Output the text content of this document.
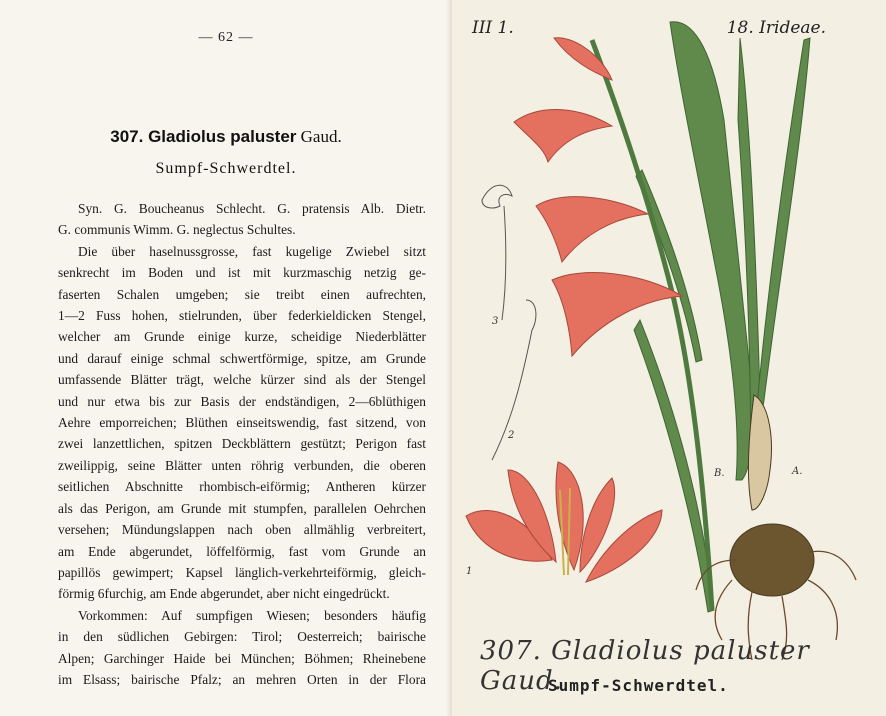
— 62 —
307. Gladiolus paluster Gaud.
Sumpf-Schwerdtel.
Syn. G. Boucheanus Schlecht. G. pratensis Alb. Dietr.
G. communis Wimm. G. neglectus Schultes.
Die über haselnussgrosse, fast kugelige Zwiebel sitzt
senkrecht im Boden und ist mit kurzmaschig netzig ge-
faserten Schalen umgeben; sie treibt einen aufrechten,
1—2 Fuss hohen, stielrunden, über federkieldicken Stengel,
welcher am Grunde einige kurze, scheidige Niederblätter
und darauf einige schmal schwertförmige, spitze, am Grunde
umfassende Blätter trägt, welche kürzer sind als der Stengel
und nur etwa bis zur Basis der endständigen, 2—6blüthigen
Aehre emporreichen; Blüthen einseitswendig, fast sitzend, von
zwei lanzettlichen, spitzen Deckblättern gestützt; Perigon fast
zweilippig, seine Blätter unten röhrig verbunden, die oberen
seitlichen Abschnitte rhombisch-eiförmig; Antheren kürzer
als das Perigon, am Grunde mit stumpfen, parallelen Oehrchen
versehen; Mündungslappen nach oben allmählig verbreitert,
am Ende abgerundet, löffelförmig, fast vom Grunde an
papillös gewimpert; Kapsel länglich-verkehrteiförmig, gleich-
förmig 6furchig, am Ende abgerundet, aber nicht eingedrückt.
Vorkommen: Auf sumpfigen Wiesen; besonders häufig
in den südlichen Gebirgen: Tirol; Oesterreich; bairische
Alpen; Garchinger Haide bei München; Böhmen; Rheinebene
im Elsass; bairische Pfalz; an mehren Orten in der Flora
III 1.	18. Irideae.
1
2
3
A.
B.
307. Gladiolus paluster Gaud.
Sumpf-Schwerdtel.
